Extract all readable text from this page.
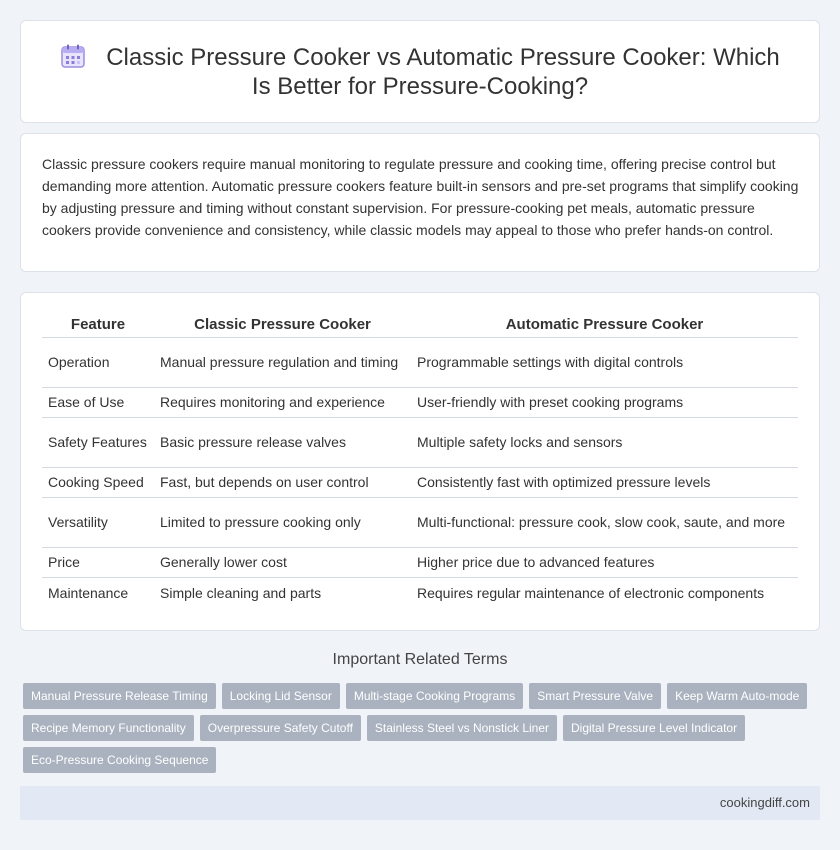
Classic Pressure Cooker vs Automatic Pressure Cooker: Which Is Better for Pressure-Cooking?

Classic pressure cookers require manual monitoring to regulate pressure and cooking time, offering precise control but demanding more attention. Automatic pressure cookers feature built-in sensors and pre-set programs that simplify cooking by adjusting pressure and timing without constant supervision. For pressure-cooking pet meals, automatic pressure cookers provide convenience and consistency, while classic models may appeal to those who prefer hands-on control.

Feature	Classic Pressure Cooker	Automatic Pressure Cooker
Operation	Manual pressure regulation and timing	Programmable settings with digital controls
Ease of Use	Requires monitoring and experience	User-friendly with preset cooking programs
Safety Features	Basic pressure release valves	Multiple safety locks and sensors
Cooking Speed	Fast, but depends on user control	Consistently fast with optimized pressure levels
Versatility	Limited to pressure cooking only	Multi-functional: pressure cook, slow cook, saute, and more
Price	Generally lower cost	Higher price due to advanced features
Maintenance	Simple cleaning and parts	Requires regular maintenance of electronic components
Important Related Terms
Manual Pressure Release Timing	Locking Lid Sensor	Multi-stage Cooking Programs	Smart Pressure Valve	Keep Warm Auto-mode
Recipe Memory Functionality	Overpressure Safety Cutoff	Stainless Steel vs Nonstick Liner	Digital Pressure Level Indicator
Eco-Pressure Cooking Sequence
cookingdiff.com
